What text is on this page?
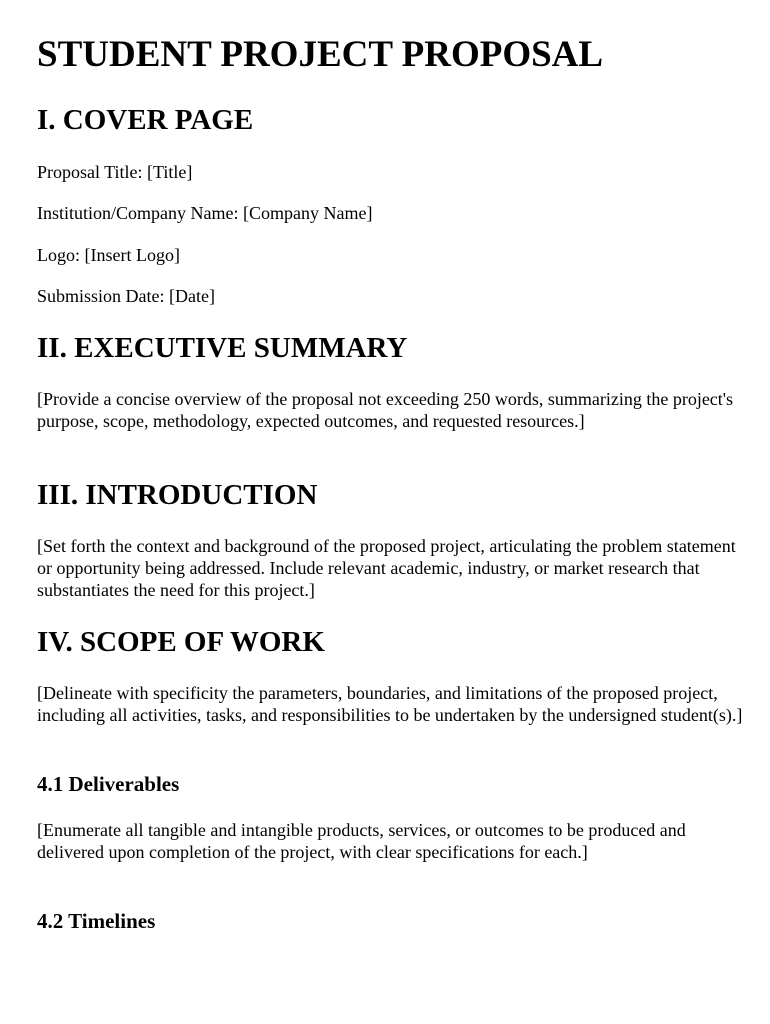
STUDENT PROJECT PROPOSAL
I. COVER PAGE

Proposal Title: [Title]

Institution/Company Name: [Company Name]

Logo: [Insert Logo]

Submission Date: [Date]

II. EXECUTIVE SUMMARY

[Provide a concise overview of the proposal not exceeding 250 words, summarizing the project's purpose, scope, methodology, expected outcomes, and requested resources.]

III. INTRODUCTION

[Set forth the context and background of the proposed project, articulating the problem statement or opportunity being addressed. Include relevant academic, industry, or market research that substantiates the need for this project.]

IV. SCOPE OF WORK

[Delineate with specificity the parameters, boundaries, and limitations of the proposed project, including all activities, tasks, and responsibilities to be undertaken by the undersigned student(s).]

4.1 Deliverables

[Enumerate all tangible and intangible products, services, or outcomes to be produced and delivered upon completion of the project, with clear specifications for each.]

4.2 Timelines
